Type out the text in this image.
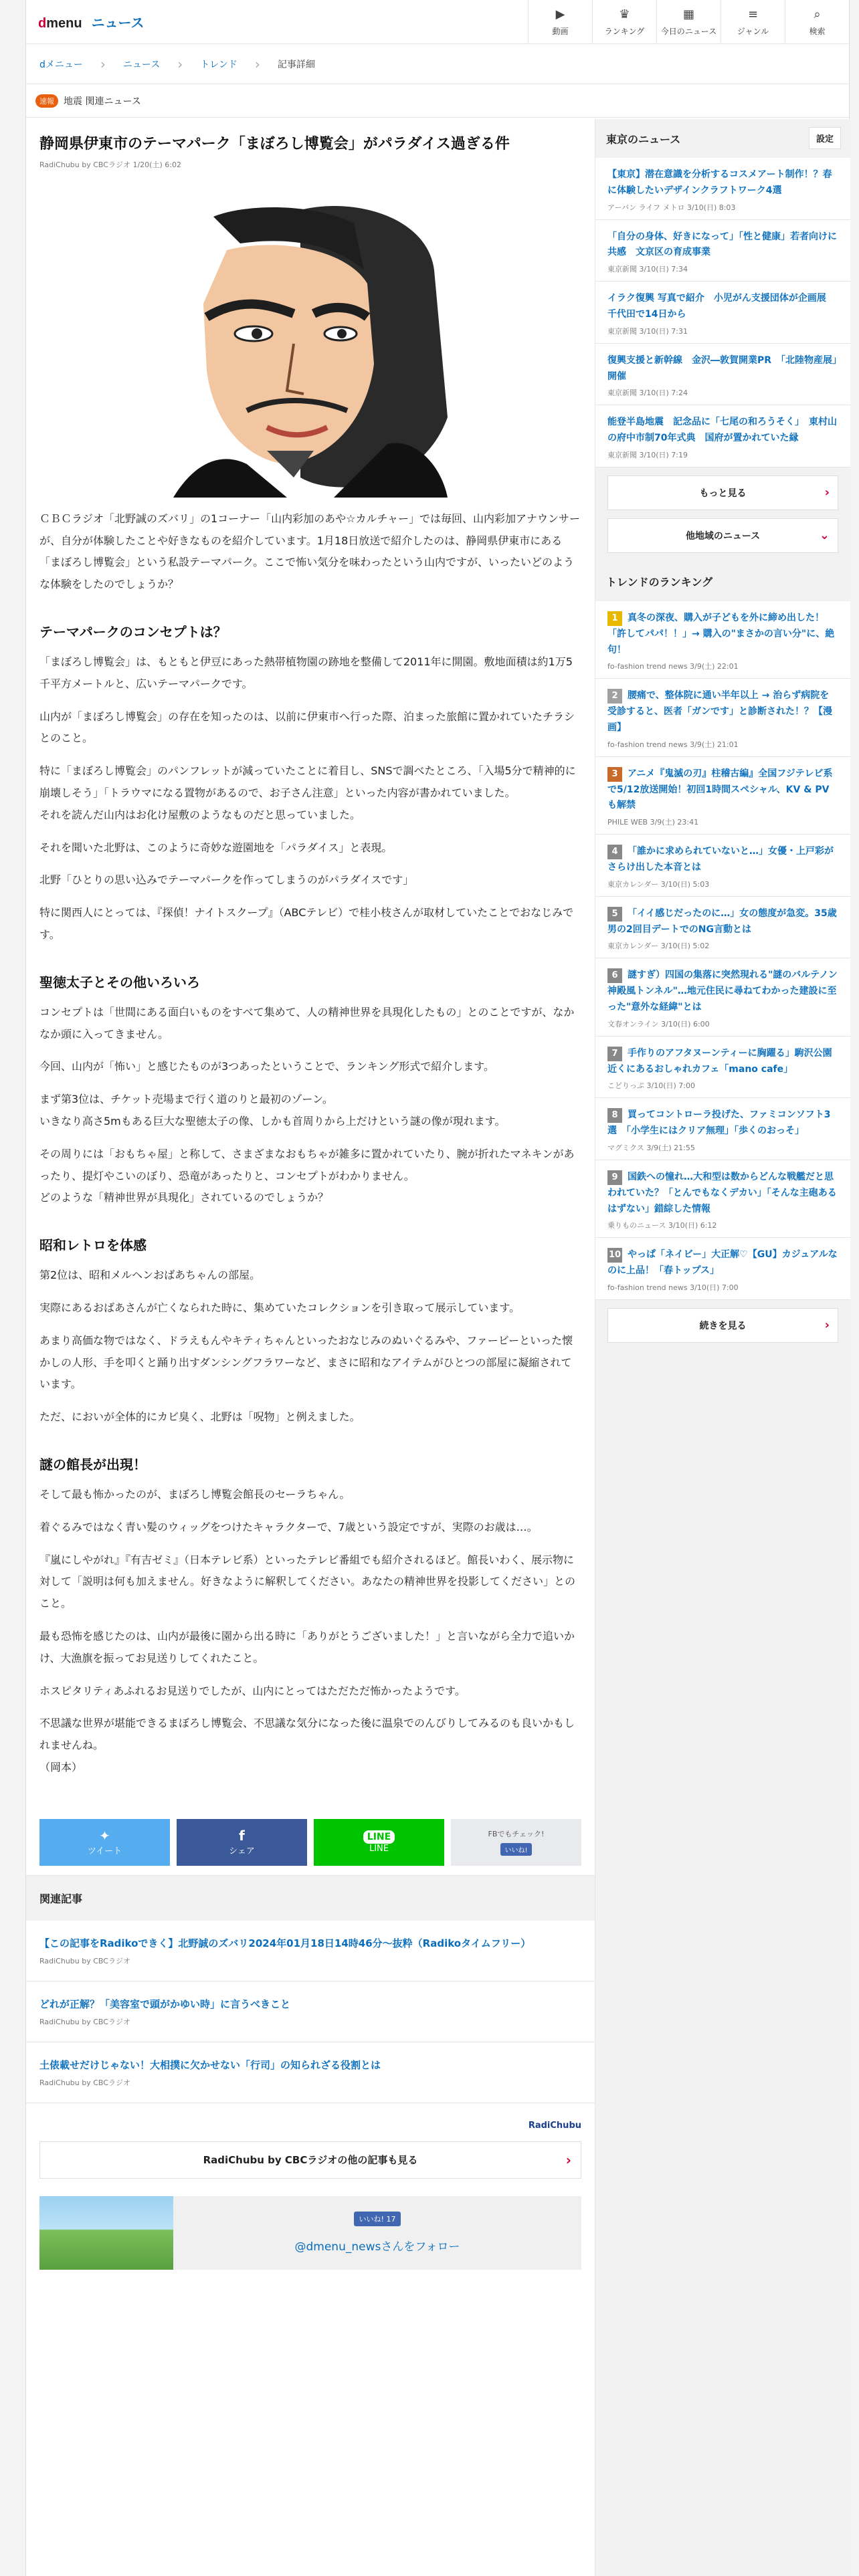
d menu ニュース
▶
動画
♛
ランキング
▦
今日のニュース
≡
ジャンル
⌕
検索
dメニュー › ニュース › トレンド › 記事詳細
速報	地震 関連ニュース
静岡県伊東市のテーマパーク「まぼろし博覧会」がパラダイス過ぎる件
RadiChubu by CBCラジオ 1/20(土) 6:02

ＣＢＣラジオ「北野誠のズバリ」の1コーナー「山内彩加のあや☆カルチャー」では毎回、山内彩加アナウンサーが、自分が体験したことや好きなものを紹介しています。1月18日放送で紹介したのは、静岡県伊東市にある「まぼろし博覧会」という私設テーマパーク。ここで怖い気分を味わったという山内ですが、いったいどのような体験をしたのでしょうか？

テーマパークのコンセプトは？

「まぼろし博覧会」は、もともと伊豆にあった熱帯植物園の跡地を整備して2011年に開園。敷地面積は約1万5千平方メートルと、広いテーマパークです。

山内が「まぼろし博覧会」の存在を知ったのは、以前に伊東市へ行った際、泊まった旅館に置かれていたチラシとのこと。

特に「まぼろし博覧会」のパンフレットが減っていたことに着目し、SNSで調べたところ、「入場5分で精神的に崩壊しそう」「トラウマになる置物があるので、お子さん注意」といった内容が書かれていました。
それを読んだ山内はお化け屋敷のようなものだと思っていました。

それを聞いた北野は、このように奇妙な遊園地を「パラダイス」と表現。

北野「ひとりの思い込みでテーマパークを作ってしまうのがパラダイスです」

特に関西人にとっては、『探偵！ナイトスクープ』（ABCテレビ）で桂小枝さんが取材していたことでおなじみです。

聖徳太子とその他いろいろ

コンセプトは「世間にある面白いものをすべて集めて、人の精神世界を具現化したもの」とのことですが、なかなか頭に入ってきません。

今回、山内が「怖い」と感じたものが3つあったということで、ランキング形式で紹介します。

まず第3位は、チケット売場まで行く道のりと最初のゾーン。
いきなり高さ5mもある巨大な聖徳太子の像、しかも首周りから上だけという謎の像が現れます。

その周りには「おもちゃ屋」と称して、さまざまなおもちゃが雑多に置かれていたり、腕が折れたマネキンがあったり、提灯やこいのぼり、恐竜があったりと、コンセプトがわかりません。
どのような「精神世界が具現化」されているのでしょうか？

昭和レトロを体感

第2位は、昭和メルヘンおばあちゃんの部屋。

実際にあるおばあさんが亡くなられた時に、集めていたコレクションを引き取って展示しています。

あまり高価な物ではなく、ドラえもんやキティちゃんといったおなじみのぬいぐるみや、ファービーといった懐かしの人形、手を叩くと踊り出すダンシングフラワーなど、まさに昭和なアイテムがひとつの部屋に凝縮されています。

ただ、においが全体的にカビ臭く、北野は「呪物」と例えました。

謎の館長が出現！

そして最も怖かったのが、まぼろし博覧会館長のセーラちゃん。

着ぐるみではなく青い髪のウィッグをつけたキャラクターで、7歳という設定ですが、実際のお歳は…。

『嵐にしやがれ』『有吉ゼミ』（日本テレビ系）といったテレビ番組でも紹介されるほど。館長いわく、展示物に対して「説明は何も加えません。好きなように解釈してください。あなたの精神世界を投影してください」とのこと。

最も恐怖を感じたのは、山内が最後に園から出る時に「ありがとうございました！」と言いながら全力で追いかけ、大漁旗を振ってお見送りしてくれたこと。

ホスピタリティあふれるお見送りでしたが、山内にとってはただただ怖かったようです。

不思議な世界が堪能できるまぼろし博覧会、不思議な気分になった後に温泉でのんびりしてみるのも良いかもしれませんね。
（岡本）

✦
ツイート
f
シェア
LINE
LINE
FBでもチェック!
いいね!
関連記事
【この記事をRadikoできく】北野誠のズバリ2024年01月18日14時46分～抜粋（Radikoタイムフリー）
RadiChubu by CBCラジオ
どれが正解？「美容室で頭がかゆい時」に言うべきこと
RadiChubu by CBCラジオ
土俵載せだけじゃない！大相撲に欠かせない「行司」の知られざる役割とは
RadiChubu by CBCラジオ
RadiChubu
RadiChubu by CBCラジオの他の記事も見る	›
いいね! 17
@dmenu_newsさんをフォロー
東京のニュース	設定
【東京】潜在意識を分析するコスメアート制作！？春に体験したいデザインクラフトワーク4選
アーバン ライフ メトロ 3/10(日) 8:03
「自分の身体、好きになって」「性と健康」若者向けに共感　文京区の育成事業
東京新聞 3/10(日) 7:34
イラク復興 写真で紹介　小児がん支援団体が企画展　千代田で14日から
東京新聞 3/10(日) 7:31
復興支援と新幹線　金沢―敦賀開業PR　「北陸物産展」開催
東京新聞 3/10(日) 7:24
能登半島地震　記念品に「七尾の和ろうそく」　東村山の府中市制70年式典　国府が置かれていた縁
東京新聞 3/10(日) 7:19
もっと見る	›
他地域のニュース	⌄
トレンドのランキング
1 真冬の深夜、購入が子どもを外に締め出した！「許してパパ！！」→ 購入の"まさかの言い分"に、絶句！
fo-fashion trend news 3/9(土) 22:01
2 腰痛で、整体院に通い半年以上 → 治らず病院を受診すると、医者「ガンです」と診断された！？【漫画】
fo-fashion trend news 3/9(土) 21:01
3 アニメ『鬼滅の刃』柱稽古編』全国フジテレビ系で5/12放送開始！初回1時間スペシャル、KV & PV も解禁
PHILE WEB 3/9(土) 23:41
4 「誰かに求められていないと…」女優・上戸彩がさらけ出した本音とは
東京カレンダー 3/10(日) 5:03
5 「イイ感じだったのに…」女の態度が急変。35歳男の2回目デートでのNG言動とは
東京カレンダー 3/10(日) 5:02
6 謎すぎ）四国の集落に突然現れる"謎のバルテノン神殿風トンネル"…地元住民に尋ねてわかった建設に至った"意外な経緯"とは
文春オンライン 3/10(日) 6:00
7 手作りのアフタヌーンティーに胸躍る」駒沢公園近くにあるおしゃれカフェ「mano cafe」
こどりっぷ 3/10(日) 7:00
8 買ってコントローラ投げた、ファミコンソフト3選　「小学生にはクリア無理」「歩くのおっそ」
マグミクス 3/9(土) 21:55
9 国鉄への憧れ…大和型は数からどんな戦艦だと思われていた？「とんでもなくデカい」「そんな主砲あるはずない」錯綜した情報
乗りものニュース 3/10(日) 6:12
10 やっぱ「ネイビー」大正解♡【GU】カジュアルなのに上品！「春トップス」
fo-fashion trend news 3/10(日) 7:00
続きを見る	›
